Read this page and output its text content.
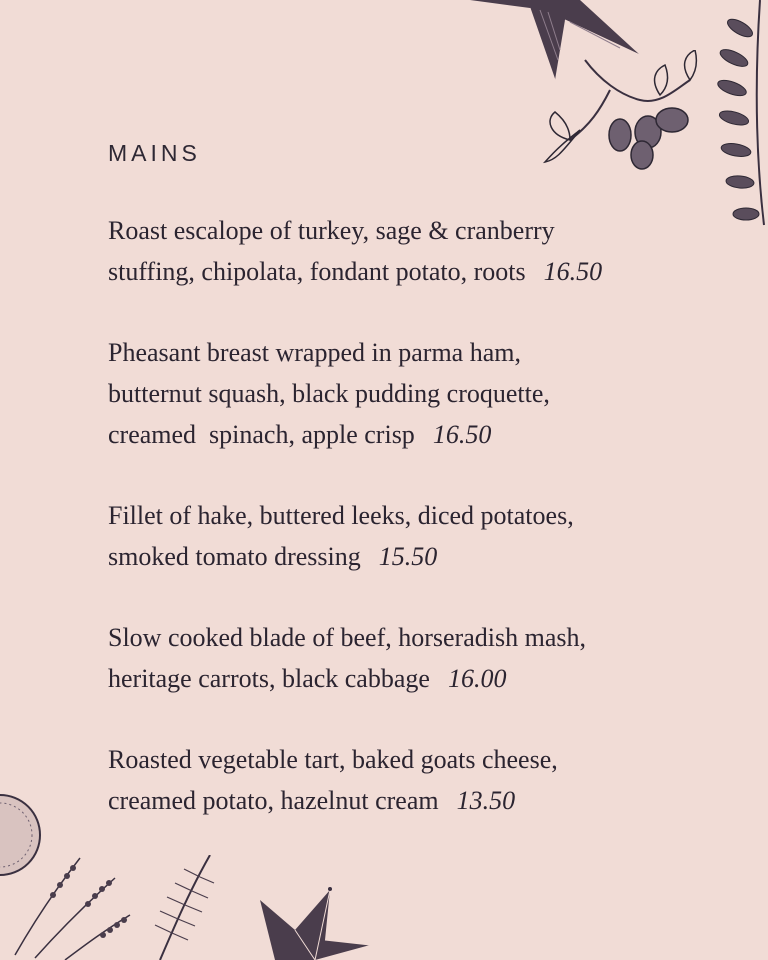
MAINS
Roast escalope of turkey, sage & cranberry
stuffing, chipolata, fondant potato, roots 16.50
Pheasant breast wrapped in parma ham,
butternut squash, black pudding croquette,
creamed  spinach, apple crisp 16.50
Fillet of hake, buttered leeks, diced potatoes,
smoked tomato dressing 15.50
Slow cooked blade of beef, horseradish mash,
heritage carrots, black cabbage 16.00
Roasted vegetable tart, baked goats cheese,
creamed potato, hazelnut cream 13.50
